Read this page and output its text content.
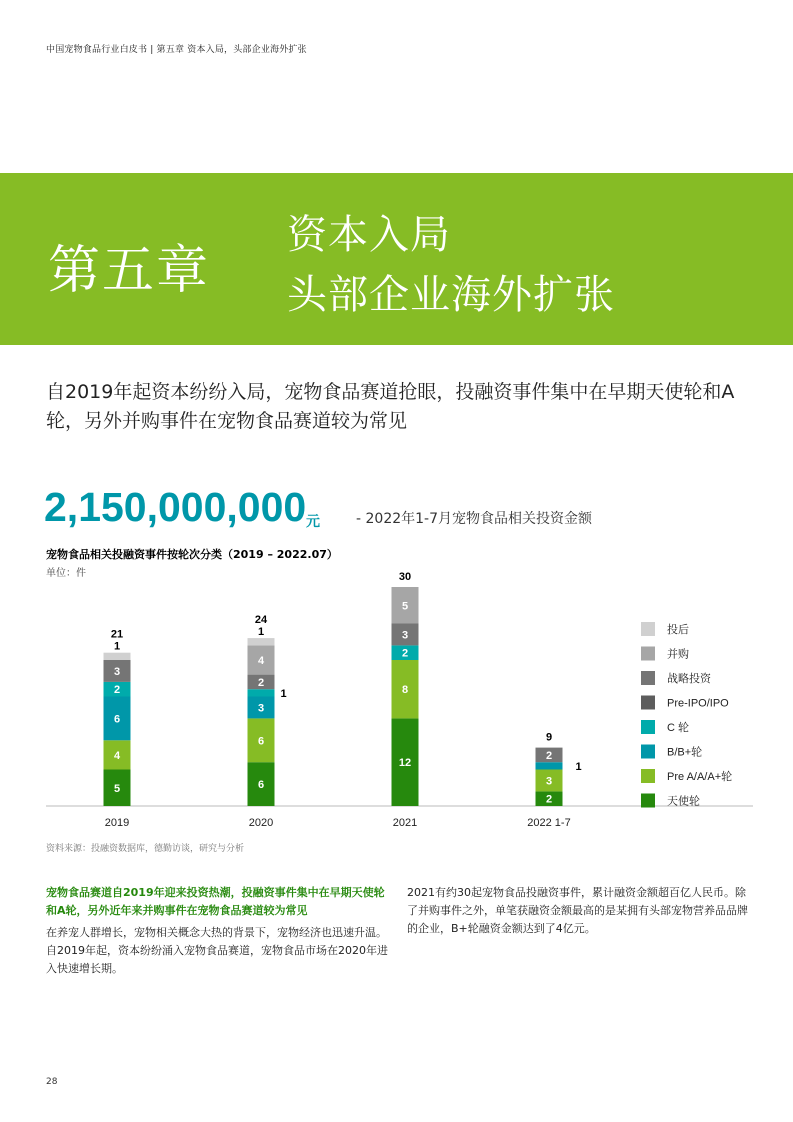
中国宠物食品行业白皮书 | 第五章 资本入局，头部企业海外扩张
第五章
资本入局
头部企业海外扩张
自2019年起资本纷纷入局，宠物食品赛道抢眼，投融资事件集中在早期天使轮和A轮，另外并购事件在宠物食品赛道较为常见
2,150,000,000 元	- 2022年1-7月宠物食品相关投资金额
宠物食品相关投融资事件按轮次分类（2019 – 2022.07）
单位：件
5
4
6
2
3
1
21
2019
6
6
3
2
4
1
1
24
2020
12
8
2
3
5
30
2021
2
3
2
1
9
2022 1-7
投后
并购
战略投资
Pre-IPO/IPO
C 轮
B/B+轮
Pre A/A/A+轮
天使轮
资料来源：投融资数据库，德勤访谈，研究与分析
宠物食品赛道自2019年迎来投资热潮，投融资事件集中在早期天使轮和A轮，另外近年来并购事件在宠物食品赛道较为常见
在养宠人群增长，宠物相关概念大热的背景下，宠物经济也迅速升温。自2019年起，资本纷纷涌入宠物食品赛道，宠物食品市场在2020年进入快速增长期。
2021有约30起宠物食品投融资事件，累计融资金额超百亿人民币。除了并购事件之外，单笔获融资金额最高的是某拥有头部宠物营养品品牌的企业，B+轮融资金额达到了4亿元。
28
